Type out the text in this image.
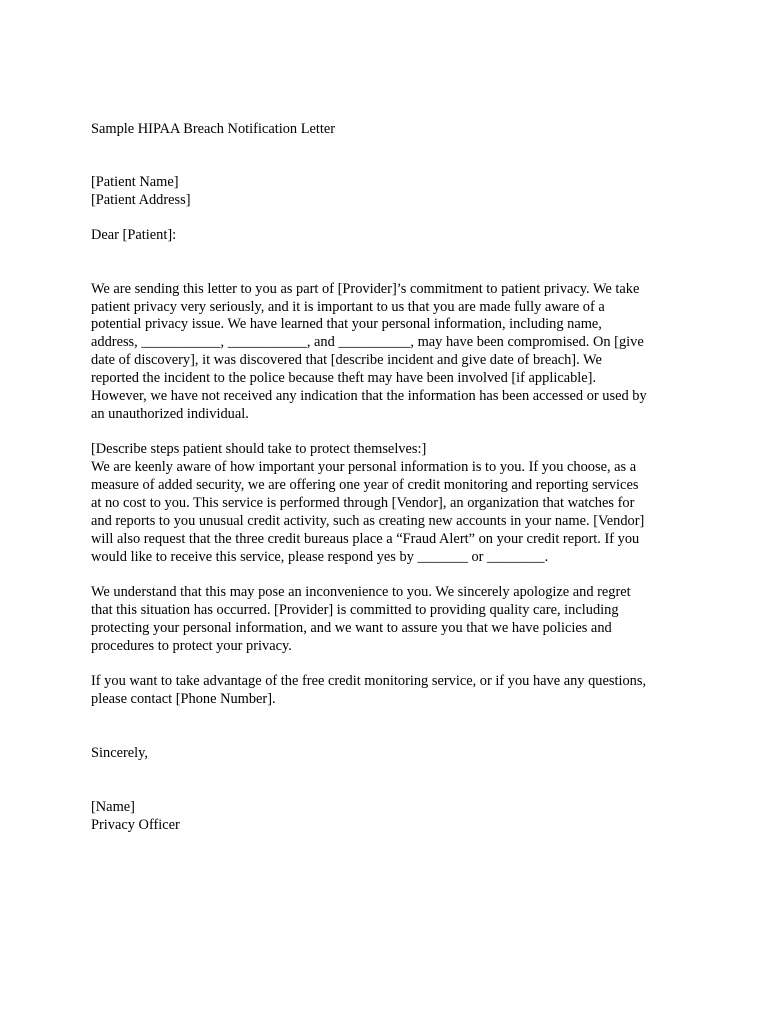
Sample HIPAA Breach Notification Letter
[Patient Name]
[Patient Address]
Dear [Patient]:
We are sending this letter to you as part of [Provider]’s commitment to patient privacy. We take
patient privacy very seriously, and it is important to us that you are made fully aware of a
potential privacy issue. We have learned that your personal information, including name,
address, ___________, ___________, and __________, may have been compromised. On [give
date of discovery], it was discovered that [describe incident and give date of breach]. We
reported the incident to the police because theft may have been involved [if applicable].
However, we have not received any indication that the information has been accessed or used by
an unauthorized individual.
[Describe steps patient should take to protect themselves:]
We are keenly aware of how important your personal information is to you. If you choose, as a
measure of added security, we are offering one year of credit monitoring and reporting services
at no cost to you. This service is performed through [Vendor], an organization that watches for
and reports to you unusual credit activity, such as creating new accounts in your name. [Vendor]
will also request that the three credit bureaus place a “Fraud Alert” on your credit report. If you
would like to receive this service, please respond yes by _______ or ________.
We understand that this may pose an inconvenience to you. We sincerely apologize and regret
that this situation has occurred. [Provider] is committed to providing quality care, including
protecting your personal information, and we want to assure you that we have policies and
procedures to protect your privacy.
If you want to take advantage of the free credit monitoring service, or if you have any questions,
please contact [Phone Number].
Sincerely,
[Name]
Privacy Officer
